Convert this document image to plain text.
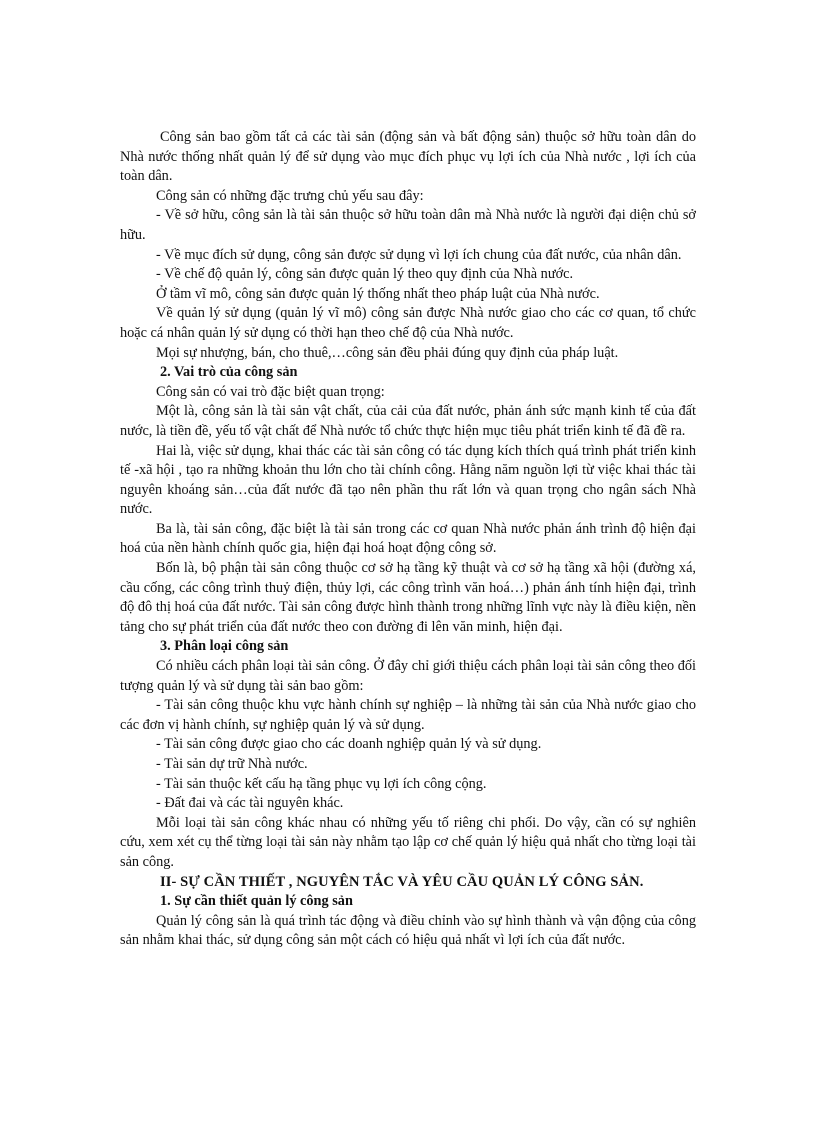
Công sản bao gồm tất cả các tài sản (động sản và bất động sản) thuộc sở hữu toàn dân do Nhà nước thống nhất quản lý để sử dụng vào mục đích phục vụ lợi ích của Nhà nước , lợi ích của toàn dân.

Công sản có những đặc trưng chủ yếu sau đây:

- Về sở hữu, công sản là tài sản thuộc sở hữu toàn dân mà Nhà nước là người đại diện chủ sở hữu.

- Về mục đích sử dụng, công sản được sử dụng vì lợi ích chung của đất nước, của nhân dân.

- Về chế độ quản lý, công sản được quản lý theo quy định của Nhà nước.

Ở tầm vĩ mô, công sản được quản lý thống nhất theo pháp luật của Nhà nước.

Về quản lý sử dụng (quản lý vĩ mô) công sản được Nhà nước giao cho các cơ quan, tổ chức hoặc cá nhân quản lý sử dụng có thời hạn theo chế độ của Nhà nước.

Mọi sự nhượng, bán, cho thuê,…công sản đều phải đúng quy định của pháp luật.

2. Vai trò của công sản

Công sản có vai trò đặc biệt quan trọng:

Một là, công sản là tài sản vật chất, của cải của đất nước, phản ánh sức mạnh kinh tế của đất nước, là tiền đề, yếu tố vật chất để Nhà nước tổ chức thực hiện mục tiêu phát triển kinh tế đã đề ra.

Hai là, việc sử dụng, khai thác các tài sản công có tác dụng kích thích quá trình phát triển kinh tế -xã hội , tạo ra những khoản thu lớn cho tài chính công. Hằng năm nguồn lợi từ việc khai thác tài nguyên khoáng sản…của đất nước đã tạo nên phần thu rất lớn và quan trọng cho ngân sách Nhà nước.

Ba là, tài sản công, đặc biệt là tài sản trong các cơ quan Nhà nước phản ánh trình độ hiện đại hoá của nền hành chính quốc gia, hiện đại hoá hoạt động công sở.

Bốn là, bộ phận tài sản công thuộc cơ sở hạ tầng kỹ thuật và cơ sở hạ tầng xã hội (đường xá, cầu cống, các công trình thuỷ điện, thủy lợi, các công trình văn hoá…) phản ánh tính hiện đại, trình độ đô thị hoá của đất nước. Tài sản công được hình thành trong những lĩnh vực này là điều kiện, nền tảng cho sự phát triển của đất nước theo con đường đi lên văn minh, hiện đại.

3. Phân loại công sản

Có nhiều cách phân loại tài sản công. Ở đây chỉ giới thiệu cách phân loại tài sản công theo đối tượng quản lý và sử dụng tài sản bao gồm:

- Tài sản công thuộc khu vực hành chính sự nghiệp – là những tài sản của Nhà nước giao cho các đơn vị hành chính, sự nghiệp quản lý và sử dụng.

- Tài sản công được giao cho các doanh nghiệp quản lý và sử dụng.

- Tài sản dự trữ Nhà nước.

- Tài sản thuộc kết cấu hạ tầng phục vụ lợi ích công cộng.

- Đất đai và các tài nguyên khác.

Mỗi loại tài sản công khác nhau có những yếu tố riêng chi phối. Do vậy, cần có sự nghiên cứu, xem xét cụ thể từng loại tài sản này nhằm tạo lập cơ chế quản lý hiệu quả nhất cho từng loại tài sản công.

II- SỰ CẦN THIẾT , NGUYÊN TẮC VÀ YÊU CẦU QUẢN LÝ CÔNG SẢN.

1. Sự cần thiết quản lý công sản

Quản lý công sản là quá trình tác động và điều chỉnh vào sự hình thành và vận động của công sản nhằm khai thác, sử dụng công sản một cách có hiệu quả nhất vì lợi ích của đất nước.
